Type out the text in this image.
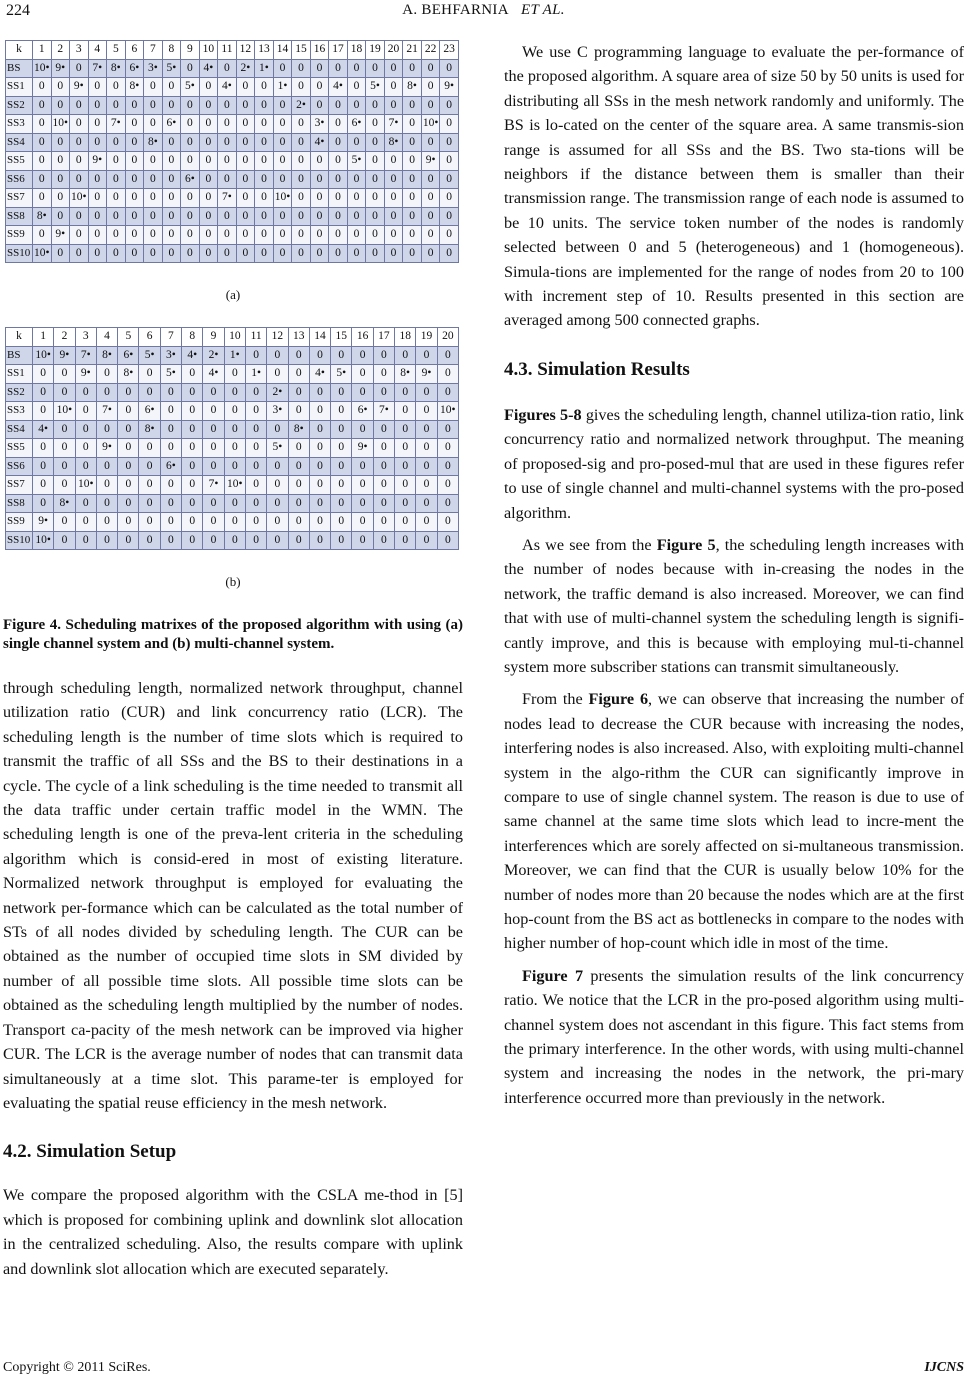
224	A. BEHFARNIA ET AL.
k	1	2	3	4	5	6	7	8	9	10	11	12	13	14	15	16	17	18	19	20	21	22	23
BS	10•	9•	0	7•	8•	6•	3•	5•	0	4•	0	2•	1•	0	0	0	0	0	0	0	0	0	0
SS1	0	0	9•	0	0	8•	0	0	5•	0	4•	0	0	1•	0	0	4•	0	5•	0	8•	0	9•
SS2	0	0	0	0	0	0	0	0	0	0	0	0	0	0	2•	0	0	0	0	0	0	0	0
SS3	0	10•	0	0	7•	0	0	6•	0	0	0	0	0	0	0	3•	0	6•	0	7•	0	10•	0
SS4	0	0	0	0	0	0	8•	0	0	0	0	0	0	0	0	4•	0	0	0	8•	0	0	0
SS5	0	0	0	9•	0	0	0	0	0	0	0	0	0	0	0	0	0	5•	0	0	0	9•	0
SS6	0	0	0	0	0	0	0	0	6•	0	0	0	0	0	0	0	0	0	0	0	0	0	0
SS7	0	0	10•	0	0	0	0	0	0	0	7•	0	0	10•	0	0	0	0	0	0	0	0	0
SS8	8•	0	0	0	0	0	0	0	0	0	0	0	0	0	0	0	0	0	0	0	0	0	0
SS9	0	9•	0	0	0	0	0	0	0	0	0	0	0	0	0	0	0	0	0	0	0	0	0
SS10	10•	0	0	0	0	0	0	0	0	0	0	0	0	0	0	0	0	0	0	0	0	0	0
(a)
k	1	2	3	4	5	6	7	8	9	10	11	12	13	14	15	16	17	18	19	20
BS	10•	9•	7•	8•	6•	5•	3•	4•	2•	1•	0	0	0	0	0	0	0	0	0	0
SS1	0	0	9•	0	8•	0	5•	0	4•	0	1•	0	0	4•	5•	0	0	8•	9•	0
SS2	0	0	0	0	0	0	0	0	0	0	0	2•	0	0	0	0	0	0	0	0
SS3	0	10•	0	7•	0	6•	0	0	0	0	0	3•	0	0	0	6•	7•	0	0	10•
SS4	4•	0	0	0	0	8•	0	0	0	0	0	0	8•	0	0	0	0	0	0	0
SS5	0	0	0	9•	0	0	0	0	0	0	0	5•	0	0	0	9•	0	0	0	0
SS6	0	0	0	0	0	0	6•	0	0	0	0	0	0	0	0	0	0	0	0	0
SS7	0	0	10•	0	0	0	0	0	7•	10•	0	0	0	0	0	0	0	0	0	0
SS8	0	8•	0	0	0	0	0	0	0	0	0	0	0	0	0	0	0	0	0	0
SS9	9•	0	0	0	0	0	0	0	0	0	0	0	0	0	0	0	0	0	0	0
SS10	10•	0	0	0	0	0	0	0	0	0	0	0	0	0	0	0	0	0	0	0
(b)

Figure 4. Scheduling matrixes of the proposed algorithm with using (a) single channel system and (b) multi-channel system.

through scheduling length, normalized network throughput, channel utilization ratio (CUR) and link concurrency ratio (LCR). The scheduling length is the number of time slots which is required to transmit the traffic of all SSs and the BS to their destinations in a cycle. The cycle of a link scheduling is the time needed to transmit all the data traffic under certain traffic model in the WMN. The scheduling length is one of the preva-lent criteria in the scheduling algorithm which is consid-ered in most of existing literature. Normalized network throughput is employed for evaluating the network per-formance which can be calculated as the total number of STs of all nodes divided by scheduling length. The CUR can be obtained as the number of occupied time slots in SM divided by number of all possible time slots. All possible time slots can be obtained as the scheduling length multiplied by the number of nodes. Transport ca-pacity of the mesh network can be improved via higher CUR. The LCR is the average number of nodes that can transmit data simultaneously at a time slot. This parame-ter is employed for evaluating the spatial reuse efficiency in the mesh network.

4.2. Simulation Setup

We compare the proposed algorithm with the CSLA me-thod in [5] which is proposed for combining uplink and downlink slot allocation in the centralized scheduling. Also, the results compare with uplink and downlink slot allocation which are executed separately.

We use C programming language to evaluate the per-formance of the proposed algorithm. A square area of size 50 by 50 units is used for distributing all SSs in the mesh network randomly and uniformly. The BS is lo-cated on the center of the square area. A same transmis-sion range is assumed for all SSs and the BS. Two sta-tions will be neighbors if the distance between them is smaller than their transmission range. The transmission range of each node is assumed to be 10 units. The service token number of the nodes is randomly selected between 0 and 5 (heterogeneous) and 1 (homogeneous). Simula-tions are implemented for the range of nodes from 20 to 100 with increment step of 10. Results presented in this section are averaged among 500 connected graphs.

4.3. Simulation Results

Figures 5-8 gives the scheduling length, channel utiliza-tion ratio, link concurrency ratio and normalized network throughput. The meaning of proposed-sig and pro-posed-mul that are used in these figures refer to use of single channel and multi-channel systems with the pro-posed algorithm.

As we see from the Figure 5, the scheduling length increases with the number of nodes because with in-creasing the nodes in the network, the traffic demand is also increased. Moreover, we can find that with use of multi-channel system the scheduling length is signifi-cantly improve, and this is because with employing mul-ti-channel system more subscriber stations can transmit simultaneously.

From the Figure 6, we can observe that increasing the number of nodes lead to decrease the CUR because with increasing the nodes, interfering nodes is also increased. Also, with exploiting multi-channel system in the algo-rithm the CUR can significantly improve in compare to use of single channel system. The reason is due to use of same channel at the same time slots which lead to incre-ment the interferences which are sorely affected on si-multaneous transmission. Moreover, we can find that the CUR is usually below 10% for the number of nodes more than 20 because the nodes which are at the first hop-count from the BS act as bottlenecks in compare to the nodes with higher number of hop-count which idle in most of the time.

Figure 7 presents the simulation results of the link concurrency ratio. We notice that the LCR in the pro-posed algorithm using multi-channel system does not ascendant in this figure. This fact stems from the primary interference. In the other words, with using multi-channel system and increasing the nodes in the network, the pri-mary interference occurred more than previously in the network.

Copyright © 2011 SciRes.	IJCNS
